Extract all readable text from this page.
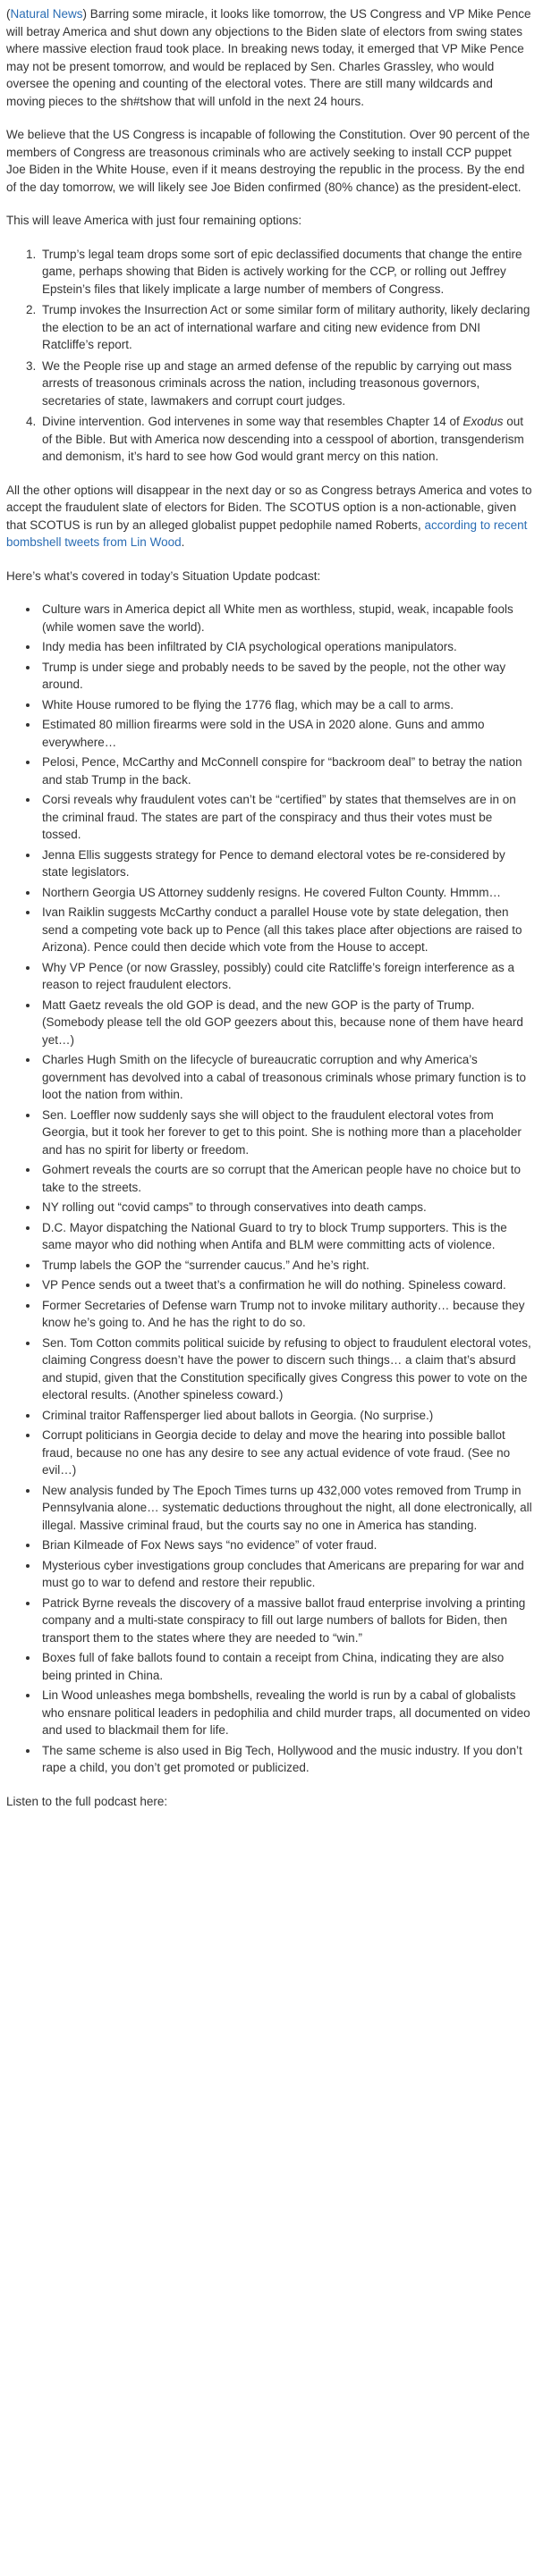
(Natural News) Barring some miracle, it looks like tomorrow, the US Congress and VP Mike Pence will betray America and shut down any objections to the Biden slate of electors from swing states where massive election fraud took place. In breaking news today, it emerged that VP Mike Pence may not be present tomorrow, and would be replaced by Sen. Charles Grassley, who would oversee the opening and counting of the electoral votes. There are still many wildcards and moving pieces to the sh#tshow that will unfold in the next 24 hours.

We believe that the US Congress is incapable of following the Constitution. Over 90 percent of the members of Congress are treasonous criminals who are actively seeking to install CCP puppet Joe Biden in the White House, even if it means destroying the republic in the process. By the end of the day tomorrow, we will likely see Joe Biden confirmed (80% chance) as the president-elect.

This will leave America with just four remaining options:

1. Trump’s legal team drops some sort of epic declassified documents that change the entire game, perhaps showing that Biden is actively working for the CCP, or rolling out Jeffrey Epstein’s files that likely implicate a large number of members of Congress.
2. Trump invokes the Insurrection Act or some similar form of military authority, likely declaring the election to be an act of international warfare and citing new evidence from DNI Ratcliffe’s report.
3. We the People rise up and stage an armed defense of the republic by carrying out mass arrests of treasonous criminals across the nation, including treasonous governors, secretaries of state, lawmakers and corrupt court judges.
4. Divine intervention. God intervenes in some way that resembles Chapter 14 of Exodus out of the Bible. But with America now descending into a cesspool of abortion, transgenderism and demonism, it’s hard to see how God would grant mercy on this nation.

All the other options will disappear in the next day or so as Congress betrays America and votes to accept the fraudulent slate of electors for Biden. The SCOTUS option is a non-actionable, given that SCOTUS is run by an alleged globalist puppet pedophile named Roberts, according to recent bombshell tweets from Lin Wood.

Here’s what’s covered in today’s Situation Update podcast:

• Culture wars in America depict all White men as worthless, stupid, weak, incapable fools (while women save the world).
• Indy media has been infiltrated by CIA psychological operations manipulators.
• Trump is under siege and probably needs to be saved by the people, not the other way around.
• White House rumored to be flying the 1776 flag, which may be a call to arms.
• Estimated 80 million firearms were sold in the USA in 2020 alone. Guns and ammo everywhere…
• Pelosi, Pence, McCarthy and McConnell conspire for “backroom deal” to betray the nation and stab Trump in the back.
• Corsi reveals why fraudulent votes can’t be “certified” by states that themselves are in on the criminal fraud. The states are part of the conspiracy and thus their votes must be tossed.
• Jenna Ellis suggests strategy for Pence to demand electoral votes be re-considered by state legislators.
• Northern Georgia US Attorney suddenly resigns. He covered Fulton County. Hmmm…
• Ivan Raiklin suggests McCarthy conduct a parallel House vote by state delegation, then send a competing vote back up to Pence (all this takes place after objections are raised to Arizona). Pence could then decide which vote from the House to accept.
• Why VP Pence (or now Grassley, possibly) could cite Ratcliffe’s foreign interference as a reason to reject fraudulent electors.
• Matt Gaetz reveals the old GOP is dead, and the new GOP is the party of Trump. (Somebody please tell the old GOP geezers about this, because none of them have heard yet…)
• Charles Hugh Smith on the lifecycle of bureaucratic corruption and why America’s government has devolved into a cabal of treasonous criminals whose primary function is to loot the nation from within.
• Sen. Loeffler now suddenly says she will object to the fraudulent electoral votes from Georgia, but it took her forever to get to this point. She is nothing more than a placeholder and has no spirit for liberty or freedom.
• Gohmert reveals the courts are so corrupt that the American people have no choice but to take to the streets.
• NY rolling out “covid camps” to through conservatives into death camps.
• D.C. Mayor dispatching the National Guard to try to block Trump supporters. This is the same mayor who did nothing when Antifa and BLM were committing acts of violence.
• Trump labels the GOP the “surrender caucus.” And he’s right.
• VP Pence sends out a tweet that’s a confirmation he will do nothing. Spineless coward.
• Former Secretaries of Defense warn Trump not to invoke military authority… because they know he’s going to. And he has the right to do so.
• Sen. Tom Cotton commits political suicide by refusing to object to fraudulent electoral votes, claiming Congress doesn’t have the power to discern such things… a claim that’s absurd and stupid, given that the Constitution specifically gives Congress this power to vote on the electoral results. (Another spineless coward.)
• Criminal traitor Raffensperger lied about ballots in Georgia. (No surprise.)
• Corrupt politicians in Georgia decide to delay and move the hearing into possible ballot fraud, because no one has any desire to see any actual evidence of vote fraud. (See no evil…)
• New analysis funded by The Epoch Times turns up 432,000 votes removed from Trump in Pennsylvania alone… systematic deductions throughout the night, all done electronically, all illegal. Massive criminal fraud, but the courts say no one in America has standing.
• Brian Kilmeade of Fox News says “no evidence” of voter fraud.
• Mysterious cyber investigations group concludes that Americans are preparing for war and must go to war to defend and restore their republic.
• Patrick Byrne reveals the discovery of a massive ballot fraud enterprise involving a printing company and a multi-state conspiracy to fill out large numbers of ballots for Biden, then transport them to the states where they are needed to “win.”
• Boxes full of fake ballots found to contain a receipt from China, indicating they are also being printed in China.
• Lin Wood unleashes mega bombshells, revealing the world is run by a cabal of globalists who ensnare political leaders in pedophilia and child murder traps, all documented on video and used to blackmail them for life.
• The same scheme is also used in Big Tech, Hollywood and the music industry. If you don’t rape a child, you don’t get promoted or publicized.

Listen to the full podcast here:
